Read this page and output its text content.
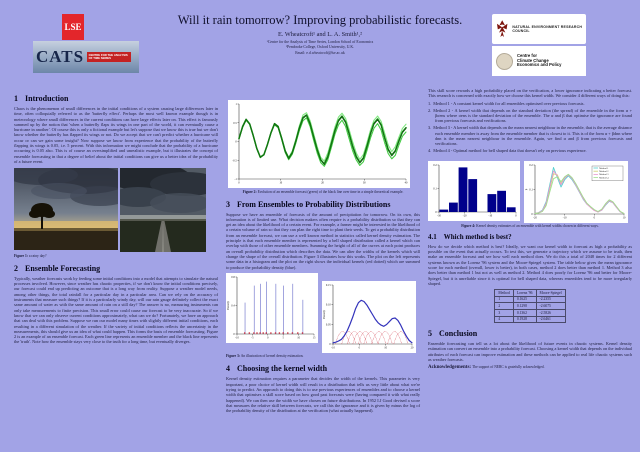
LSE
CATS	CENTRE FOR THE ANALYSIS OF TIME SERIES
Will it rain tomorrow? Improving probabilistic forecasts.
E. Wheatcroft¹ and L. A. Smith¹,²
¹Centre for the Analysis of Time Series, London School of Economics
²Pembroke College, Oxford University, U.K.
Email: e.d.wheatcroft@lse.ac.uk
NATURAL ENVIRONMENT RESEARCH COUNCIL
Centre for
Climate Change
Economics and Policy
1 Introduction

Chaos is the phenomenon of small differences in the initial conditions of a system causing large differences later in time, often colloquially referred to as the 'butterfly effect'. Perhaps the most well known example though is in meteorology where small differences in the current conditions can have large effects later on. This effect is famously summed up by the notion that 'when a butterfly flaps its wings in one part of the world, it can eventually cause a hurricane in another'. Of course this is only a fictional example but let's suppose that we know this is true but we don't know whether the butterfly has flapped its wings or not. Do we accept that we can't predict whether a hurricane will occur or can we gain some insight? Now suppose we know from experience that the probability of the butterfly flapping its wings is 0.05, i.e. 5 percent. With this information we might conclude that the probability of a hurricane occurring is 0.05 also. This is of course an oversimplified and unrealistic example, but it illustrates the concept of ensemble forecasting in that a degree of belief about the initial conditions can give us a better idea of the probability of a future event.

Figure 1: a rainy day?
2 Ensemble Forecasting

Typically, weather forecasts work by feeding some initial conditions into a model that attempts to simulate the natural processes involved. However, since weather has chaotic properties, if we don't know the initial conditions precisely, our forecast could end up predicting an outcome that is a long way from reality. Suppose a weather model needs, among other things, the total rainfall for a particular day in a particular area. Can we rely on the accuracy of instruments that measure such things? If it is a particularly windy day, will our rain gauge definitely collect the exact same amount of water as with the same amount of rain on a still day? The answer is no, measuring instruments can only take measurements to finite precision. This small error could cause our forecast to be very inaccurate. So if we know that we can only observe current conditions approximately, what can we do? Fortunately, we have an approach that can deal with this problem. Suppose we run our model many times with slightly different initial conditions, each resulting in a different simulation of the weather. If the variety of initial conditions reflects the uncertainty in the measurements, this should give us an idea of what could happen. This forms the basis of ensemble forecasting. Figure 2 is an example of an ensemble forecast. Each green line represents an ensemble member and the black line represents the 'truth'. Note how the ensemble stays very close to the truth for a long time, but eventually diverges.

-1
-0.5
0
0.5
1
0	10	20	30	40
Figure 2: Evolution of an ensemble forecast (green) of the black line over time in a simple theoretical example.
3 From Ensembles to Probability Distributions

Suppose we have an ensemble of forecasts of the amount of precipitation for tomorrow. On its own, this information is of limited use. What decision makers often require is a probability distribution so that they can get an idea about the likelihood of a certain event. For example, a farmer might be interested in the likelihood of a certain volume of rain so that they can plan the right time to plant their seeds. To get a probability distribution from an ensemble forecast, we can use a well known method in statistics called kernel density estimation. The principle is that each ensemble member is represented by a bell shaped distribution called a kernel which can overlap with those of other ensemble members. Summing the height of all of the curves at each point produces an overall probability distribution which describes the data. We can alter the widths of the kernels which will change the shape of the overall distribution. Figure 3 illustrates how this works. The plot on the left represents some data in a histogram and the plot on the right shows the individual kernels (red dotted) which are summed to produce the probability density (blue).

0
0.4
0.8
-10	-5	0	5	10	15
Density
0
0.05
0.10
0.15
-10	0	10	20
Density
Figure 3: An illustration of kernel density estimation.
4 Choosing the kernel width

Kernel density estimation requires a parameter that decides the width of the kernels. This parameter is very important, a poor choice of kernel width will result in a distribution that tells us very little about what we're trying to predict. An approach to doing this is to use previous experiences of ensembles and to choose a kernel width that optimises a skill score based on how good past forecasts were (having compared it with what really happened). We can then use the width we have chosen on future distributions. In 1952 I.J Good devised a score that measures the relative skill between forecasts, we call this the ignorance and it is given by minus the log of the probability density of the distribution at the verification (what actually happened).

This skill score rewards a high probability placed on the verification, a lower ignorance indicating a better forecast. This research is concerned with exactly how we choose this kernel width. We consider 4 different ways of doing this:

1. Method 1 - A constant kernel width for all ensembles optimised over previous forecasts.
2. Method 2 - A kernel width that depends on the standard deviation (the spread) of the ensemble in the form α + βσens where σens is the standard deviation of the ensemble. The α and β that optimise the ignorance are found from previous forecasts and verifications.
3. Method 3 - A kernel width that depends on the mean nearest neighbour in the ensemble, that is the average distance each ensemble member is away from the ensemble member that is closest to it. This is of the form α + βdnn where dnn is the mean nearest neighbour in the ensemble. Again, we find α and β from previous forecasts and verifications.
4. Method 4 - Optimal method for bell shaped data that doesn't rely on previous experience.
0
0.1
0.2
-30	-20	-10	0	0
0.1
0.2
-20	-10	0	10
p
Method 1
Method 2
Method 3
Method 4
Figure 4: Kernel density estimates of an ensemble with kernel widths chosen in different ways.
4.1 Which method is best?

How do we decide which method is best? Ideally, we want our kernel width to forecast as high a probability as possible on the event that actually occurs. To test this, we generate a trajectory which we assume to be truth, then make an ensemble forecast and see how well each method does. We do this a total of 2048 times for 2 different systems known as the Lorenz '96 system and the Moore-Spiegel system. The table below gives the mean ignorance score for each method (overall, lower is better), in both cases, method 2 does better than method 1. Method 3 also does better than method 1 but not as well as method 2. Method 4 does poorly for Lorenz '96 and better for Moore-Spiegel, but it is unreliable since it is optimal for bell shaped data, whereas ensembles tend to be more irregularly shaped.

Method	Lorenz '96	Moore-Spiegel
1	0.1625	-2.2355
2	0.1298	-2.6075
3	0.1362	-2.5826
4	0.1928	-2.6461
5 Conclusion

Ensemble forecasting can tell us a lot about the likelihood of future events in chaotic systems. Kernel density estimation can convert an ensemble into a probability forecast. Choosing a kernel width that depends on the individual attributes of each forecast can improve estimation and these methods can be applied to real life chaotic systems such as weather forecasts.

Acknowledgements: The support of NERC is gratefully acknowledged.
